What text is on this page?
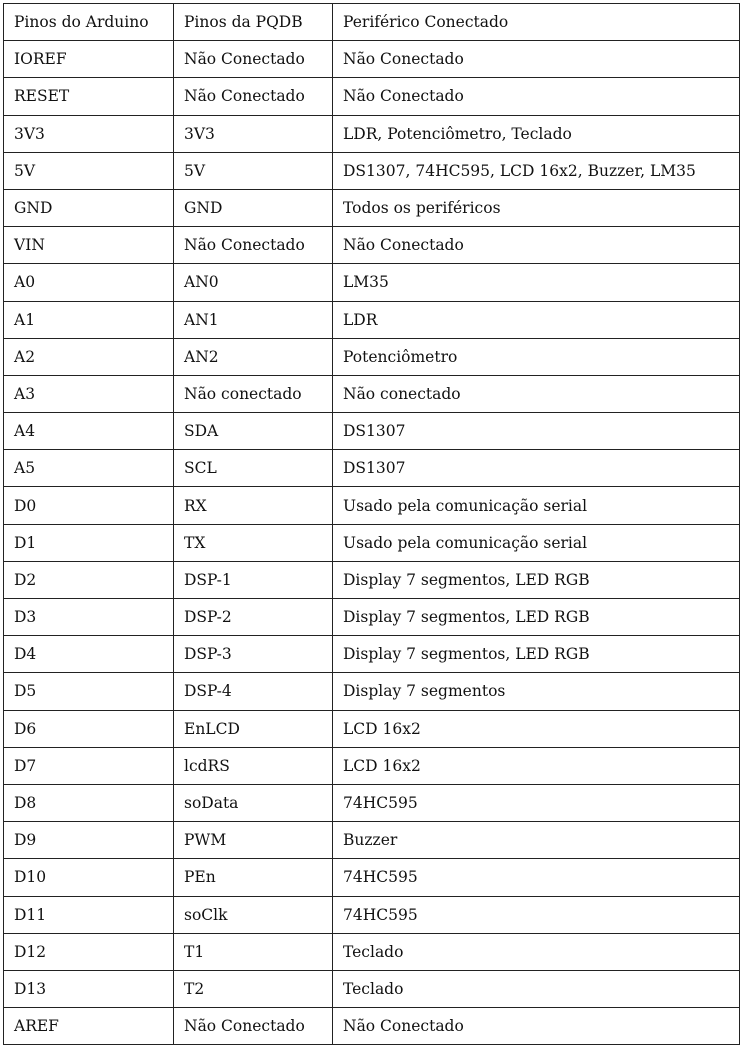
Pinos do Arduino	Pinos da PQDB	Periférico Conectado
IOREF	Não Conectado	Não Conectado
RESET	Não Conectado	Não Conectado
3V3	3V3	LDR, Potenciômetro, Teclado
5V	5V	DS1307, 74HC595, LCD 16x2, Buzzer, LM35
GND	GND	Todos os periféricos
VIN	Não Conectado	Não Conectado
A0	AN0	LM35
A1	AN1	LDR
A2	AN2	Potenciômetro
A3	Não conectado	Não conectado
A4	SDA	DS1307
A5	SCL	DS1307
D0	RX	Usado pela comunicação serial
D1	TX	Usado pela comunicação serial
D2	DSP-1	Display 7 segmentos, LED RGB
D3	DSP-2	Display 7 segmentos, LED RGB
D4	DSP-3	Display 7 segmentos, LED RGB
D5	DSP-4	Display 7 segmentos
D6	EnLCD	LCD 16x2
D7	lcdRS	LCD 16x2
D8	soData	74HC595
D9	PWM	Buzzer
D10	PEn	74HC595
D11	soClk	74HC595
D12	T1	Teclado
D13	T2	Teclado
AREF	Não Conectado	Não Conectado
